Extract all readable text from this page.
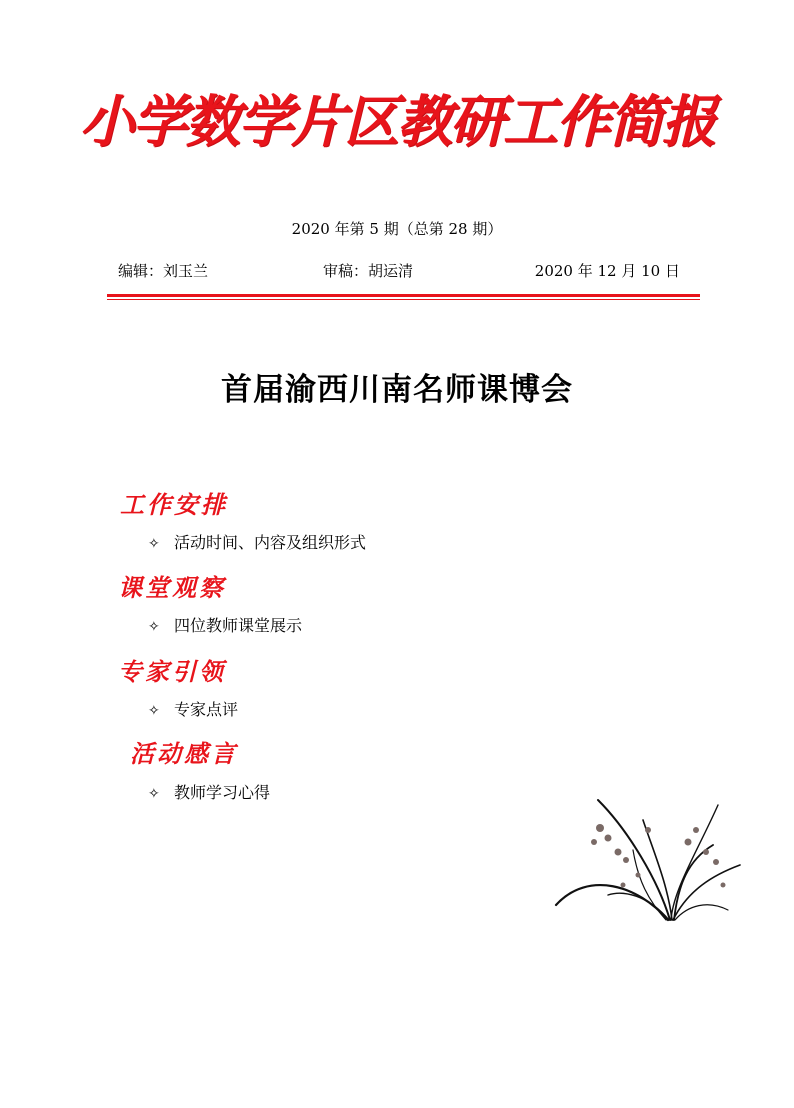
小学数学片区教研工作简报
2020 年第 5 期（总第 28 期）
编辑：刘玉兰	审稿：胡运清	2020 年 12 月 10 日
首届渝西川南名师课博会
工作安排
✧ 活动时间、内容及组织形式
课堂观察
✧ 四位教师课堂展示
专家引领
✧ 专家点评
活动感言
✧ 教师学习心得
